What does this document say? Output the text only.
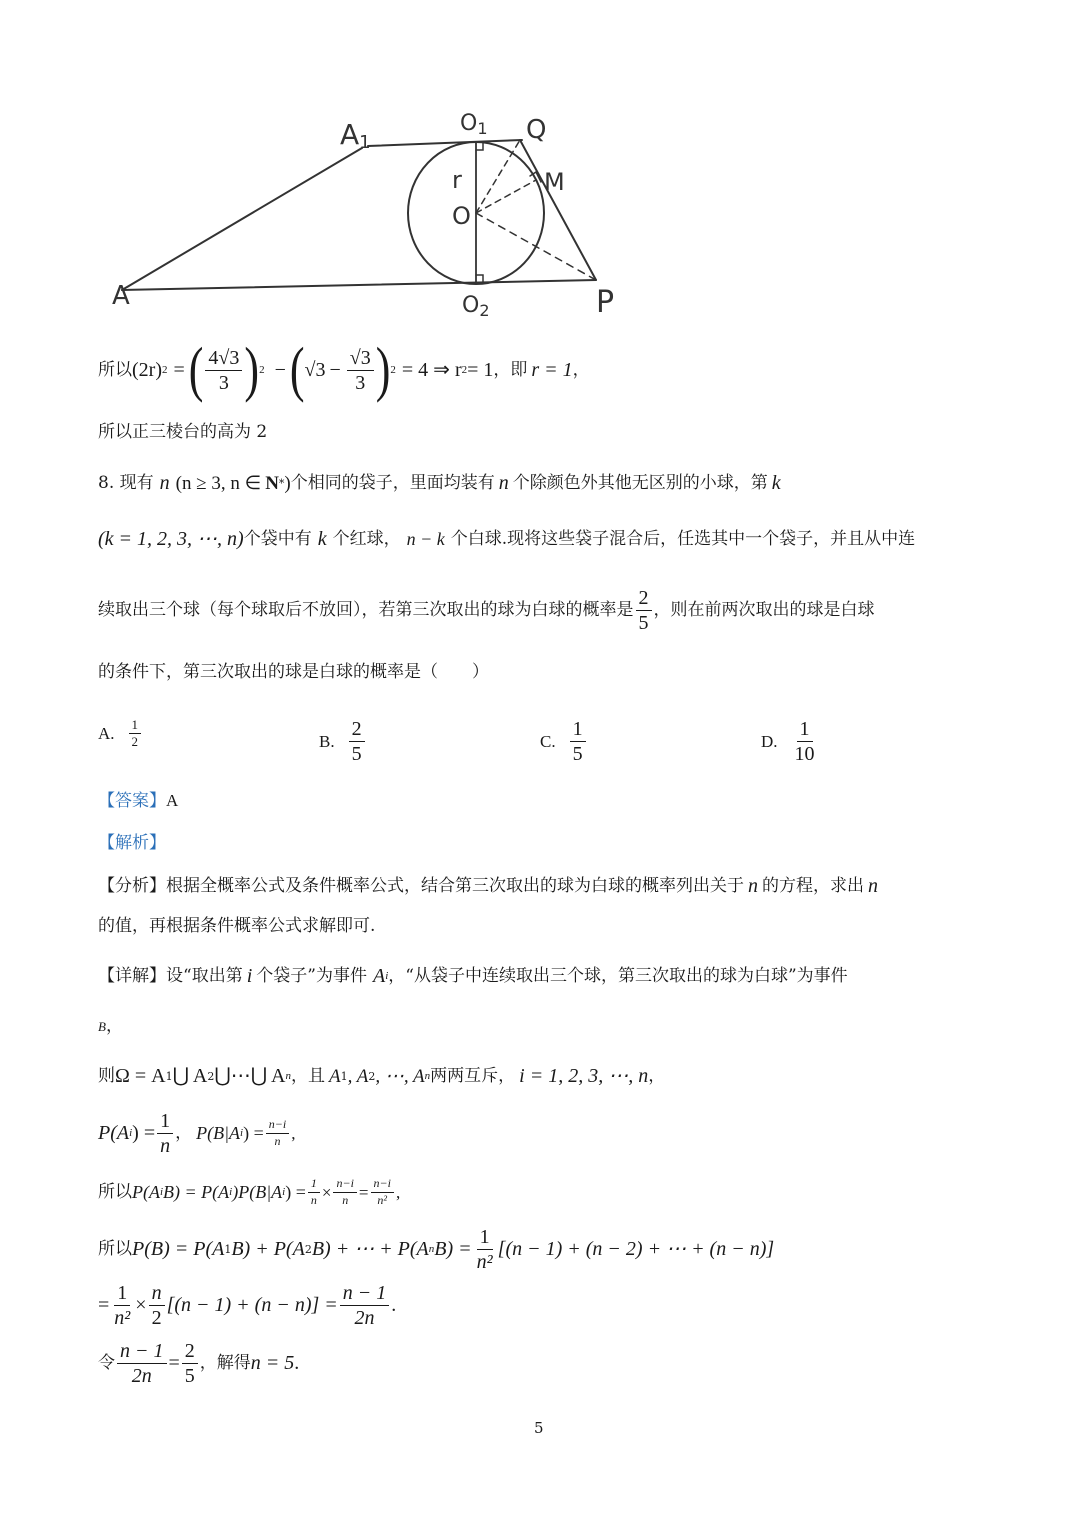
A1
A
O1 Q
M
r
O
O2	P
所以 (2r) 2 = ( $\frac{4√3}{3}$ ) 2 − ( $√3 - \frac{√3}{3}$ ) 2 = 4 ⇒ r 2 = 1 ，即 r = 1 ，
所以正三棱台的高为 2
8. 现有 n (n ≥ 3, n ∈ N * ) 个相同的袋子，里面均装有 n 个除颜色外其他无区别的小球，第 k
(k = 1, 2, 3, ⋯, n) 个袋中有 k 个红球， n − k 个白球.现将这些袋子混合后，任选其中一个袋子，并且从中连
续取出三个球（每个球取后不放回），若第三次取出的球为白球的概率是 $\frac{2}{5}$ ，则在前两次取出的球是白球
的条件下，第三次取出的球是白球的概率是（　　）
A. $\frac{1}{2}$	B. $\frac{2}{5}$	C. $\frac{1}{5}$	D. $\frac{1}{10}$
【答案】A
【解析】
【分析】 根据全概率公式及条件概率公式，结合第三次取出的球为白球的概率列出关于 n 的方程，求出 n
的值，再根据条件概率公式求解即可.
【详解】 设“取出第 i 个袋子”为事件 A i ，“从袋子中连续取出三个球，第三次取出的球为白球”为事件
B，
则 Ω = A 1 ⋃ A 2 ⋃⋯⋃ A n ，且 A 1 , A 2 , ⋯, A n 两两互斥， i = 1, 2, 3, ⋯, n ，
P(A i ) = $\frac{1}{n}$ ， P(B|A i ) = $\frac{n-i}{n}$ ,
所以 P(A i B) = P(A i )P(B|A i ) = $\frac{1}{n} \times \frac{n-i}{n} = \frac{n-i}{\text{n²}}$ ,
所以 P(B) = P(A 1 B) + P(A 2 B) + ⋯ + P(A n $B) = \frac{1}{\text{n²}} [(n - 1) + (n - 2)$ + ⋯ + (n − n)]
= $\frac{1}{\text{n²}} \times \frac{n}{2} [(n - 1) + (n - n)] = \frac{n - 1}{2n}$ .
令 $\frac{n - 1}{2n} = \frac{2}{5}$ ，解得 n = 5 .
5
